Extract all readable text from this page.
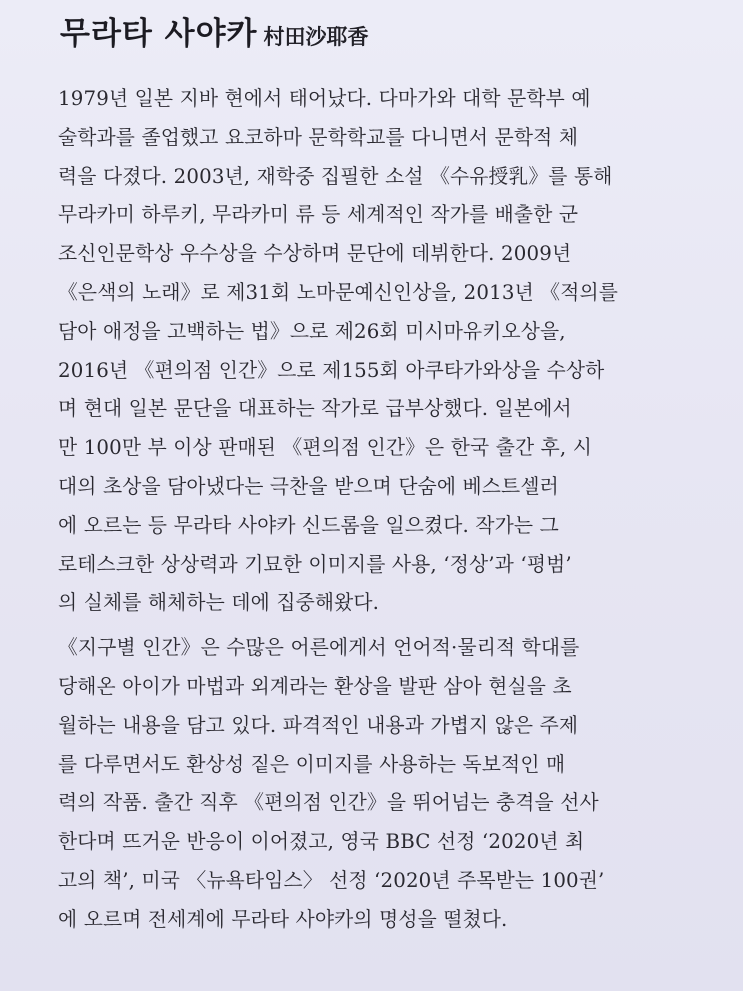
무라타 사야카 村田沙耶香
1979년 일본 지바 현에서 태어났다. 다마가와 대학 문학부 예
술학과를 졸업했고 요코하마 문학학교를 다니면서 문학적 체
력을 다졌다. 2003년, 재학중 집필한 소설 《수유授乳》를 통해
무라카미 하루키, 무라카미 류 등 세계적인 작가를 배출한 군
조신인문학상 우수상을 수상하며 문단에 데뷔한다. 2009년
《은색의 노래》로 제31회 노마문예신인상을, 2013년 《적의를
담아 애정을 고백하는 법》으로 제26회 미시마유키오상을,
2016년 《편의점 인간》으로 제155회 아쿠타가와상을 수상하
며 현대 일본 문단을 대표하는 작가로 급부상했다. 일본에서
만 100만 부 이상 판매된 《편의점 인간》은 한국 출간 후, 시
대의 초상을 담아냈다는 극찬을 받으며 단숨에 베스트셀러
에 오르는 등 무라타 사야카 신드롬을 일으켰다. 작가는 그
로테스크한 상상력과 기묘한 이미지를 사용, ‘정상’과 ‘평범’
의 실체를 해체하는 데에 집중해왔다.
《지구별 인간》은 수많은 어른에게서 언어적·물리적 학대를
당해온 아이가 마법과 외계라는 환상을 발판 삼아 현실을 초
월하는 내용을 담고 있다. 파격적인 내용과 가볍지 않은 주제
를 다루면서도 환상성 짙은 이미지를 사용하는 독보적인 매
력의 작품. 출간 직후 《편의점 인간》을 뛰어넘는 충격을 선사
한다며 뜨거운 반응이 이어졌고, 영국 BBC 선정 ‘2020년 최
고의 책’, 미국 〈뉴욕타임스〉 선정 ‘2020년 주목받는 100권’
에 오르며 전세계에 무라타 사야카의 명성을 떨쳤다.
